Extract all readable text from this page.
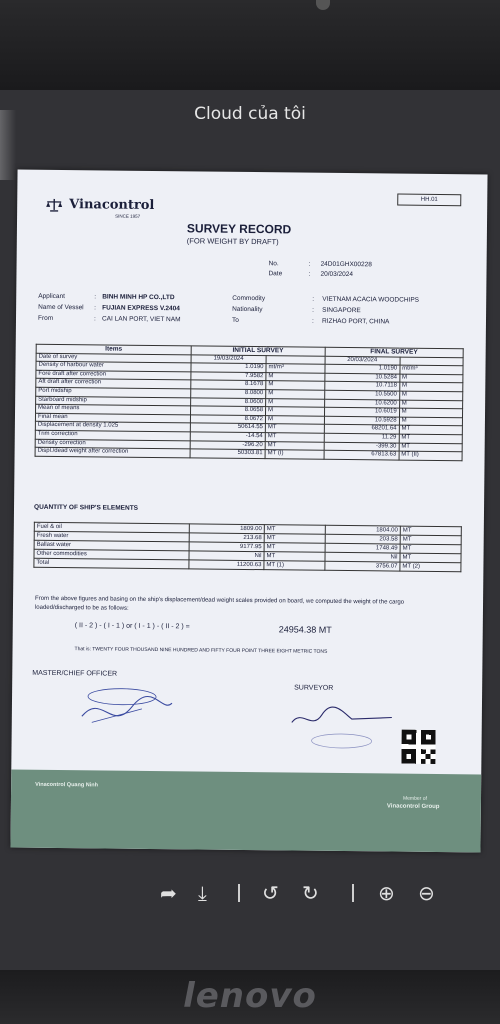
Cloud của tôi
Vinacontrol
SINCE 1957
HH.01
SURVEY RECORD
(FOR WEIGHT BY DRAFT)
No.	: 24D01GHX00228
Date	: 20/03/2024
Applicant	: BINH MINH HP CO.,LTD
Name of Vessel : FUJIAN EXPRESS V.2404
From	: CAI LAN PORT, VIET NAM
Commodity	: VIETNAM ACACIA WOODCHIPS
Nationality	: SINGAPORE
To	: RIZHAO PORT, CHINA
Items	INITIAL SURVEY		FINAL SURVEY	
Date of survey	19/03/2024		20/03/2024	
Density of harbour water	1.0190	mt/m³	1.0190	mt/m³
Fore draft after correction	7.9582	M	10.5284	M
Aft draft after correction	8.1678	M	10.7118	M
Port midship	8.0800	M	10.5500	M
Starboard midship	8.0600	M	10.6200	M
Mean of means	8.0658	M	10.6019	M
Final mean	8.0672	M	10.5928	M
Displacement at density 1.025	50614.55	MT	68201.64	MT
Trim correction	-14.54	MT	11.29	MT
Density correction	-296.20	MT	-399.30	MT
Displ./dead weight after correction	50303.81	MT (I)	67813.63	MT (II)
QUANTITY OF SHIP'S ELEMENTS
Fuel & oil	1809.00	MT	1804.00	MT
Fresh water	213.68	MT	203.58	MT
Ballast water	9177.95	MT	1748.49	MT
Other commodities	Nil	MT	Nil	MT
Total	11200.63	MT (1)	3756.07	MT (2)
From the above figures and basing on the ship's displacement/dead weight scales provided on board, we computed the weight of the cargo loaded/discharged to be as follows:
( II - 2 ) - ( I - 1 ) or ( I - 1 ) - ( II - 2 ) =	24954.38 MT
That is: TWENTY FOUR THOUSAND NINE HUNDRED AND FIFTY FOUR POINT THREE EIGHT METRIC TONS
MASTER/CHIEF OFFICER
SURVEYOR
Vinacontrol Quang Ninh
Member of
Vinacontrol Group
➦ ⤓	↺ ↻	⊕ ⊖
lenovo
